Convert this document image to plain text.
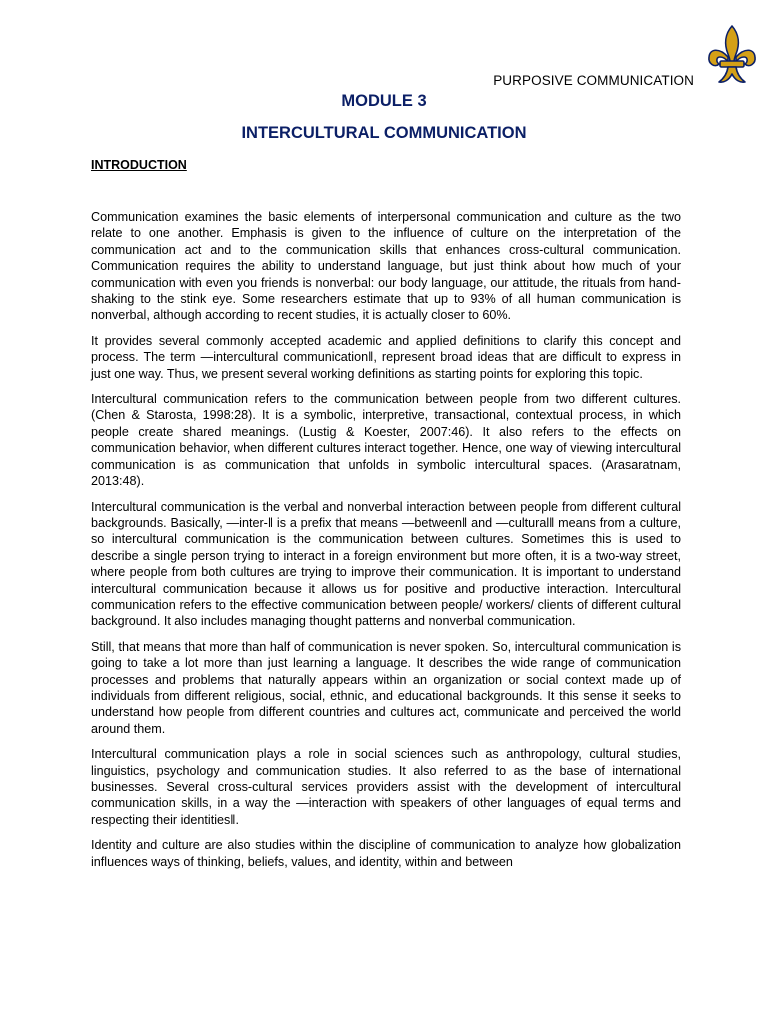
PURPOSIVE COMMUNICATION
MODULE 3
INTERCULTURAL COMMUNICATION
INTRODUCTION

Communication examines the basic elements of interpersonal communication and culture as the two relate to one another. Emphasis is given to the influence of culture on the interpretation of the communication act and to the communication skills that enhances cross-cultural communication. Communication requires the ability to understand language, but just think about how much of your communication with even you friends is nonverbal: our body language, our attitude, the rituals from hand-shaking to the stink eye. Some researchers estimate that up to 93% of all human communication is nonverbal, although according to recent studies, it is actually closer to 60%.

It provides several commonly accepted academic and applied definitions to clarify this concept and process. The term ―intercultural communication‖, represent broad ideas that are difficult to express in just one way. Thus, we present several working definitions as starting points for exploring this topic.

Intercultural communication refers to the communication between people from two different cultures. (Chen & Starosta, 1998:28). It is a symbolic, interpretive, transactional, contextual process, in which people create shared meanings. (Lustig & Koester, 2007:46). It also refers to the effects on communication behavior, when different cultures interact together. Hence, one way of viewing intercultural communication is as communication that unfolds in symbolic intercultural spaces. (Arasaratnam, 2013:48).

Intercultural communication is the verbal and nonverbal interaction between people from different cultural backgrounds. Basically, ―inter-‖ is a prefix that means ―between‖ and ―cultural‖ means from a culture, so intercultural communication is the communication between cultures. Sometimes this is used to describe a single person trying to interact in a foreign environment but more often, it is a two-way street, where people from both cultures are trying to improve their communication. It is important to understand intercultural communication because it allows us for positive and productive interaction. Intercultural communication refers to the effective communication between people/ workers/ clients of different cultural background. It also includes managing thought patterns and nonverbal communication.

Still, that means that more than half of communication is never spoken. So, intercultural communication is going to take a lot more than just learning a language. It describes the wide range of communication processes and problems that naturally appears within an organization or social context made up of individuals from different religious, social, ethnic, and educational backgrounds. It this sense it seeks to understand how people from different countries and cultures act, communicate and perceived the world around them.

Intercultural communication plays a role in social sciences such as anthropology, cultural studies, linguistics, psychology and communication studies. It also referred to as the base of international businesses. Several cross-cultural services providers assist with the development of intercultural communication skills, in a way the ―interaction with speakers of other languages of equal terms and respecting their identities‖.

Identity and culture are also studies within the discipline of communication to analyze how globalization influences ways of thinking, beliefs, values, and identity, within and between
